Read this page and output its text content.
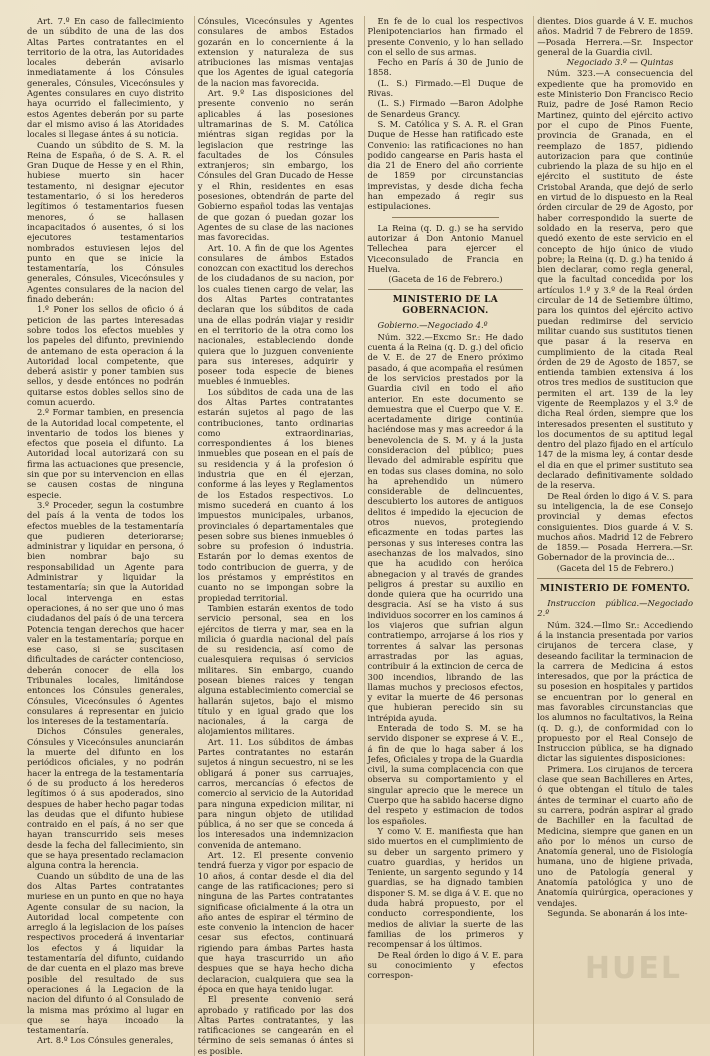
Art. 7.º En caso de fallecimiento de un súbdito de una de las dos Altas Partes contratantes en el territorio de la otra, las Autoridades locales deberán avisarlo inmediatamente á los Cónsules generales, Cónsules, Vicecónsules y Agentes consulares en cuyo distrito haya ocurrido el fallecimiento, y estos Agentes deberán por su parte dar el mismo aviso á las Atoridades locales si llegase ántes á su noticia.

Cuando un súbdito de S. M. la Reina de España, ó de S. A. R. el Gran Duque de Hesse y en el Rhin, hubiese muerto sin hacer testamento, ni designar ejecutor testamentario, ó si los herederos legítimos ó testamentarios fuesen menores, ó se hallasen incapacitados ó ausentes, ó si los ejecutores testamentarios nombrados estuviesen lejos del punto en que se inicie la testamentaría, los Cónsules generales, Cónsules, Vicecónsules y Agentes consulares de la nacion del finado deberán:

1.º Poner los sellos de oficio ó á peticion de las partes interesadas sobre todos los efectos muebles y los papeles del difunto, previniendo de antemano de esta operacion á la Autoridad local competente, que deberá asistir y poner tambien sus sellos, y desde entónces no podrán quitarse estos dobles sellos sino de comun acuerdo.

2.º Formar tambien, en presencia de la Autoridad local competente, el inventario de todos los bienes y efectos que poseia el difunto. La Autoridad local autorizará con su firma las actuaciones que presencie, sin que por su intervencion en ellas se causen costas de ninguna especie.

3.º Proceder, segun la costumbre del país á la venta de todos los efectos muebles de la testamentaría que pudieren deteriorarse; administrar y liquidar en persona, ó bien nombrar bajo su responsabilidad un Agente para Administrar y liquidar la testamentaría; sin que la Autoridad local intervenga en estas operaciones, á no ser que uno ó mas ciudadanos del país ó de una tercera Potencia tengan derechos que hacer valer en la testamentaría; porque en ese caso, si se suscitasen dificultades de carácter contencioso, deberán conocer de ella los Tribunales locales, limitándose entonces los Cónsules generales, Cónsules, Vicecónsules ó Agentes consulares á representar en juicio los intereses de la testamentaría.

Dichos Cónsules generales, Cónsules y Vicecónsules anunciarán la muerte del difunto en los periódicos oficiales, y no podrán hacer la entrega de la testamentaría ó de su producto á los herederos legítimos ó á sus apoderados, sino despues de haber hecho pagar todas las deudas que el difunto hubiese contraido en el país, á no ser que hayan transcurrido seis meses desde la fecha del fallecimiento, sin que se haya presentado reclamacion alguna contra la herencia.

Cuando un súbdito de una de las dos Altas Partes contratantes muriese en un punto en que no haya Agente consular de su nacion, la Autoridad local competente con arreglo á la legislacion de los países respectivos procederá á inventariar los efectos y á liquidar la testamentaría del difunto, cuidando de dar cuenta en el plazo mas breve posible del resultado de sus operaciones á la Legacion de la nacion del difunto ó al Consulado de la misma mas próximo al lugar en que se haya incoado la testamentaría.

Art. 8.º Los Cónsules generales,

Cónsules, Vicecónsules y Agentes consulares de ambos Estados gozarán en lo concerniente á la extension y naturaleza de sus atribuciones las mismas ventajas que los Agentes de igual categoría de la nacion mas favorecida.

Art. 9.º Las disposiciones del presente convenio no serán aplicables á las posesiones ultramarinas de S. M. Católica miéntras sigan regidas por la legislacion que restringe las facultades de los Cónsules extranjeros; sin embargo, los Cónsules del Gran Ducado de Hesse y el Rhin, residentes en esas posesiones, obtendrán de parte del Gobierno español todas las ventajas de que gozan ó puedan gozar los Agentes de su clase de las naciones mas favorecidas.

Art. 10. A fin de que los Agentes consulares de ámbos Estados conozcan con exactitud los derechos de los ciudadanos de su nacion, por los cuales tienen cargo de velar, las dos Altas Partes contratantes declaran que los súbditos de cada una de ellas podrán viajar y residir en el territorio de la otra como los nacionales, estableciendo donde quiera que lo juzguen conveniente para sus intereses, adquirir y poseer toda especie de bienes muebles é inmuebles.

Los súbditos de cada una de las dos Altas Partes contratantes estarán sujetos al pago de las contribuciones, tanto ordinarias como extraordinarias, correspondientes á los bienes inmuebles que posean en el país de su residencia y á la profesion ó industria que en él ejerzan, conforme á las leyes y Reglamentos de los Estados respectivos. Lo mismo sucederá en cuanto á los impuestos municipales, urbanos, provinciales ó departamentales que pesen sobre sus bienes inmuebles ó sobre su profesion ó industria. Estarán por lo demas exentos de todo contribucion de guerra, y de los préstamos y empréstitos en cuanto no se impongan sobre la propiedad territorial.

Tambien estarán exentos de todo servicio personal, sea en los ejércitos de tierra y mar, sea en la milicia ó guardia nacional del país de su residencia, así como de cualesquiera requisas ó servicios militares. Sin embargo, cuando posean bienes raices y tengan alguna establecimiento comercial se hallarán sujetos, bajo el mismo título y en igual grado que los nacionales, á la carga de alojamientos militares.

Art. 11. Los súbditos de ámbas Partes contratantes no estarán sujetos á ningun secuestro, ni se les obligará á poner sus carruajes, carros, mercancías ó efectos de comercio al servicio de la Autoridad para ninguna expedicion militar, ni para ningun objeto de utilidad pública, á no ser que se conceda á los interesados una indemnizacion convenida de antemano.

Art. 12. El presente convenio tendrá fuerza y vigor por espacio de 10 años, á contar desde el dia del cange de las ratificaciones; pero si ninguna de las Partes contratantes significase oficialmente á la otra un año antes de espirar el término de este convenio la intencion de hacer cesar sus efectos, continuará rigiendo para ámbas Partes hasta que haya trascurrido un año despues que se haya hecho dicha declaracion, cualquiera que sea la época en que haya tenido lugar.

El presente convenio será aprobado y ratificado por las dos Altas Partes contratantes, y las ratificaciones se cangearán en el término de seis semanas ó ántes si es posible.

En fe de lo cual los respectivos Plenipotenciarios han firmado el presente Convenio, y lo han sellado con el sello de sus armas.

Fecho en París á 30 de Junio de 1858.

(L. S.) Firmado.—El Duque de Rivas.

(L. S.) Firmado —Baron Adolphe de Senardeus Grancy.

S. M. Católica y S. A. R. el Gran Duque de Hesse han ratificado este Convenio: las ratificaciones no han podido cangearse en Paris hasta el dia 21 de Enero del año corriente de 1859 por circunstancias imprevistas, y desde dicha fecha han empezado á regir sus estipulaciones.

La Reina (q. D. g.) se ha servido autorizar á Don Antonio Manuel Tellechea para ejercer el Viceconsulado de Francia en Huelva.

(Gaceta de 16 de Febrero.)

MINISTERIO DE LA GOBERNACION.

Gobierno.—Negociado 4.º

Núm. 322.—Excmo Sr.: He dado cuenta á la Reina (q. D. g.) del oficio de V. E. de 27 de Enero próximo pasado, á que acompaña el resúmen de los servicios prestados por la Guardia civil en todo el año anterior. En este documento se demuestra que el Cuerpo que V. E. acertadamente dirige continúa haciéndose mas y mas acreedor á la benevolencia de S. M. y á la justa consideracion del público; pues llevado del admirable espíritu que en todas sus clases domina, no solo ha aprehendido un número considerable de delincuentes, descubierto los autores de antiguos delitos é impedido la ejecucion de otros nuevos, protegiendo eficazmente en todas partes las personas y sus intereses contra las asechanzas de los malvados, sino que ha acudido con heróica abnegacion y al través de grandes peligros á prestar su auxilio en donde quiera que ha ocurrido una desgracia. Así se ha visto á sus individuos socorrer en los caminos á los viajeros que sufrian algun contratiempo, arrojarse á los rios y torrentes á salvar las personas arrastradas por las aguas, contribuir á la extincion de cerca de 300 incendios, librando de las llamas muchos y preciosos efectos, y evitar la muerte de 46 personas que hubieran perecido sin su intrépida ayuda.

Enterada de todo S. M. se ha servido disponer se exprese á V. E., á fin de que lo haga saber á los Jefes, Oficiales y tropa de la Guardia civil, la suma complacencia con que observa su comportamiento y el singular aprecio que le merece un Cuerpo que ha sabido hacerse digno del respeto y estimacion de todos los españoles.

Y como V. E. manifiesta que han sido muertos en el cumplimiento de su deber un sargento primero y cuatro guardias, y heridos un Teniente, un sargento segundo y 14 guardias, se ha dignado tambien disponer S. M. se diga á V. E. que no duda habrá propuesto, por el conducto correspondiente, los medios de aliviar la suerte de las familias de los primeros y recompensar á los últimos.

De Real órden lo digo á V. E. para su conocimiento y efectos correspon-

dientes. Dios guarde á V. E. muchos años. Madrid 7 de Febrero de 1859. —Posada Herrera.—Sr. Inspector general de la Guardia civil.

Negociado 3.º — Quintas

Núm. 323.—A consecuencia del expediente que ha promovido en este Ministerio Don Francisco Recio Ruiz, padre de José Ramon Recio Martinez, quinto del ejército activo por el cupo de Pinos Fuente, provincia de Granada, en el reemplazo de 1857, pidiendo autorizacion para que continúe cubriendo la plaza de su hijo en el ejército el sustituto de éste Cristobal Aranda, que dejó de serlo en virtud de lo dispuesto en la Real órden circular de 29 de Agosto, por haber correspondido la suerte de soldado en la reserva, pero que quedó exento de este servicio en el concepto de hijo único de viudo pobre; la Reina (q. D. g.) ha tenido á bien declarar, como regla general, que la facultad concedida por los artículos 1.º y 3.º de la Real órden circular de 14 de Setiembre último, para los quintos del ejército activo puedan redimirse del servicio militar cuando sus sustitutos tienen que pasar á la reserva en cumplimiento de la citada Real órden de 29 de Agosto de 1857, se entienda tambien extensiva á los otros tres medios de sustitucion que permiten el art. 139 de la ley vigente de Reemplazos y el 3.º de dicha Real órden, siempre que los interesados presenten el sustituto y los documentos de su aptitud legal dentro del plazo fijado en el artículo 147 de la misma ley, á contar desde el dia en que el primer sustituto sea declarado definitivamente soldado de la reserva.

De Real órden lo digo á V. S. para su inteligencia, la de ese Consejo provincial y demas efectos consiguientes. Dios guarde á V. S. muchos años. Madrid 12 de Febrero de 1859.— Posada Herrera.—Sr. Gobernador de la provincia de...

(Gaceta del 15 de Febrero.)

MINISTERIO DE FOMENTO.

Instruccion pública.—Negociado 2.º

Núm. 324.—Ilmo Sr.: Accediendo á la instancia presentada por varios cirujanos de tercera clase, y deseando facilitar la terminacion de la carrera de Medicina á estos interesados, que por la práctica de su posesion en hospitales y partidos se encuentran por lo general en mas favorables circunstancias que los alumnos no facultativos, la Reina (q. D. g.), de conformidad con lo propuesto por el Real Consejo de Instruccion pública, se ha dignado dictar las siguientes disposiciones:

Primera. Los cirujanos de tercera clase que sean Bachilleres en Artes, ó que obtengan el título de tales ántes de terminar el cuarto año de su carrera, podrán aspirar al grado de Bachiller en la facultad de Medicina, siempre que ganen en un año por lo ménos un curso de Anatomía general, uno de Fisiología humana, uno de higiene privada, uno de Patología general y Anatomía patológica y uno de Anatomía quirúrgica, operaciones y vendajes.

Segunda. Se abonarán á los inte-

HUEL
